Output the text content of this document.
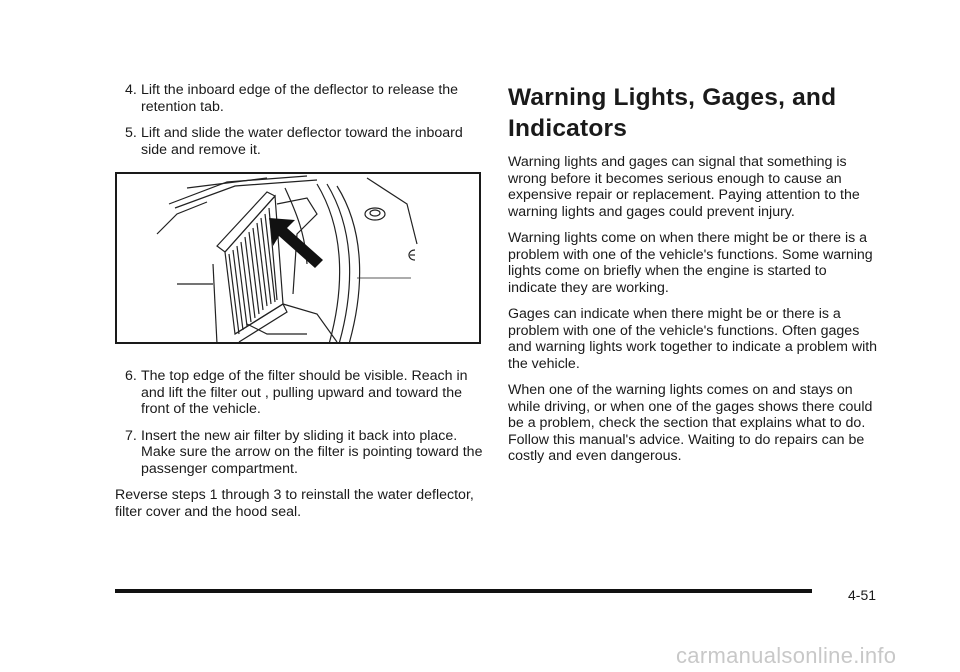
4. Lift the inboard edge of the deflector to release the retention tab.
5. Lift and slide the water deflector toward the inboard side and remove it.
6. The top edge of the filter should be visible. Reach in and lift the filter out , pulling upward and toward the front of the vehicle.
7. Insert the new air filter by sliding it back into place. Make sure the arrow on the filter is pointing toward the passenger compartment.

Reverse steps 1 through 3 to reinstall the water deflector, filter cover and the hood seal.

Warning Lights, Gages, and Indicators

Warning lights and gages can signal that something is wrong before it becomes serious enough to cause an expensive repair or replacement. Paying attention to the warning lights and gages could prevent injury.

Warning lights come on when there might be or there is a problem with one of the vehicle's functions. Some warning lights come on briefly when the engine is started to indicate they are working.

Gages can indicate when there might be or there is a problem with one of the vehicle's functions. Often gages and warning lights work together to indicate a problem with the vehicle.

When one of the warning lights comes on and stays on while driving, or when one of the gages shows there could be a problem, check the section that explains what to do. Follow this manual's advice. Waiting to do repairs can be costly and even dangerous.

4-51
carmanualsonline.info
